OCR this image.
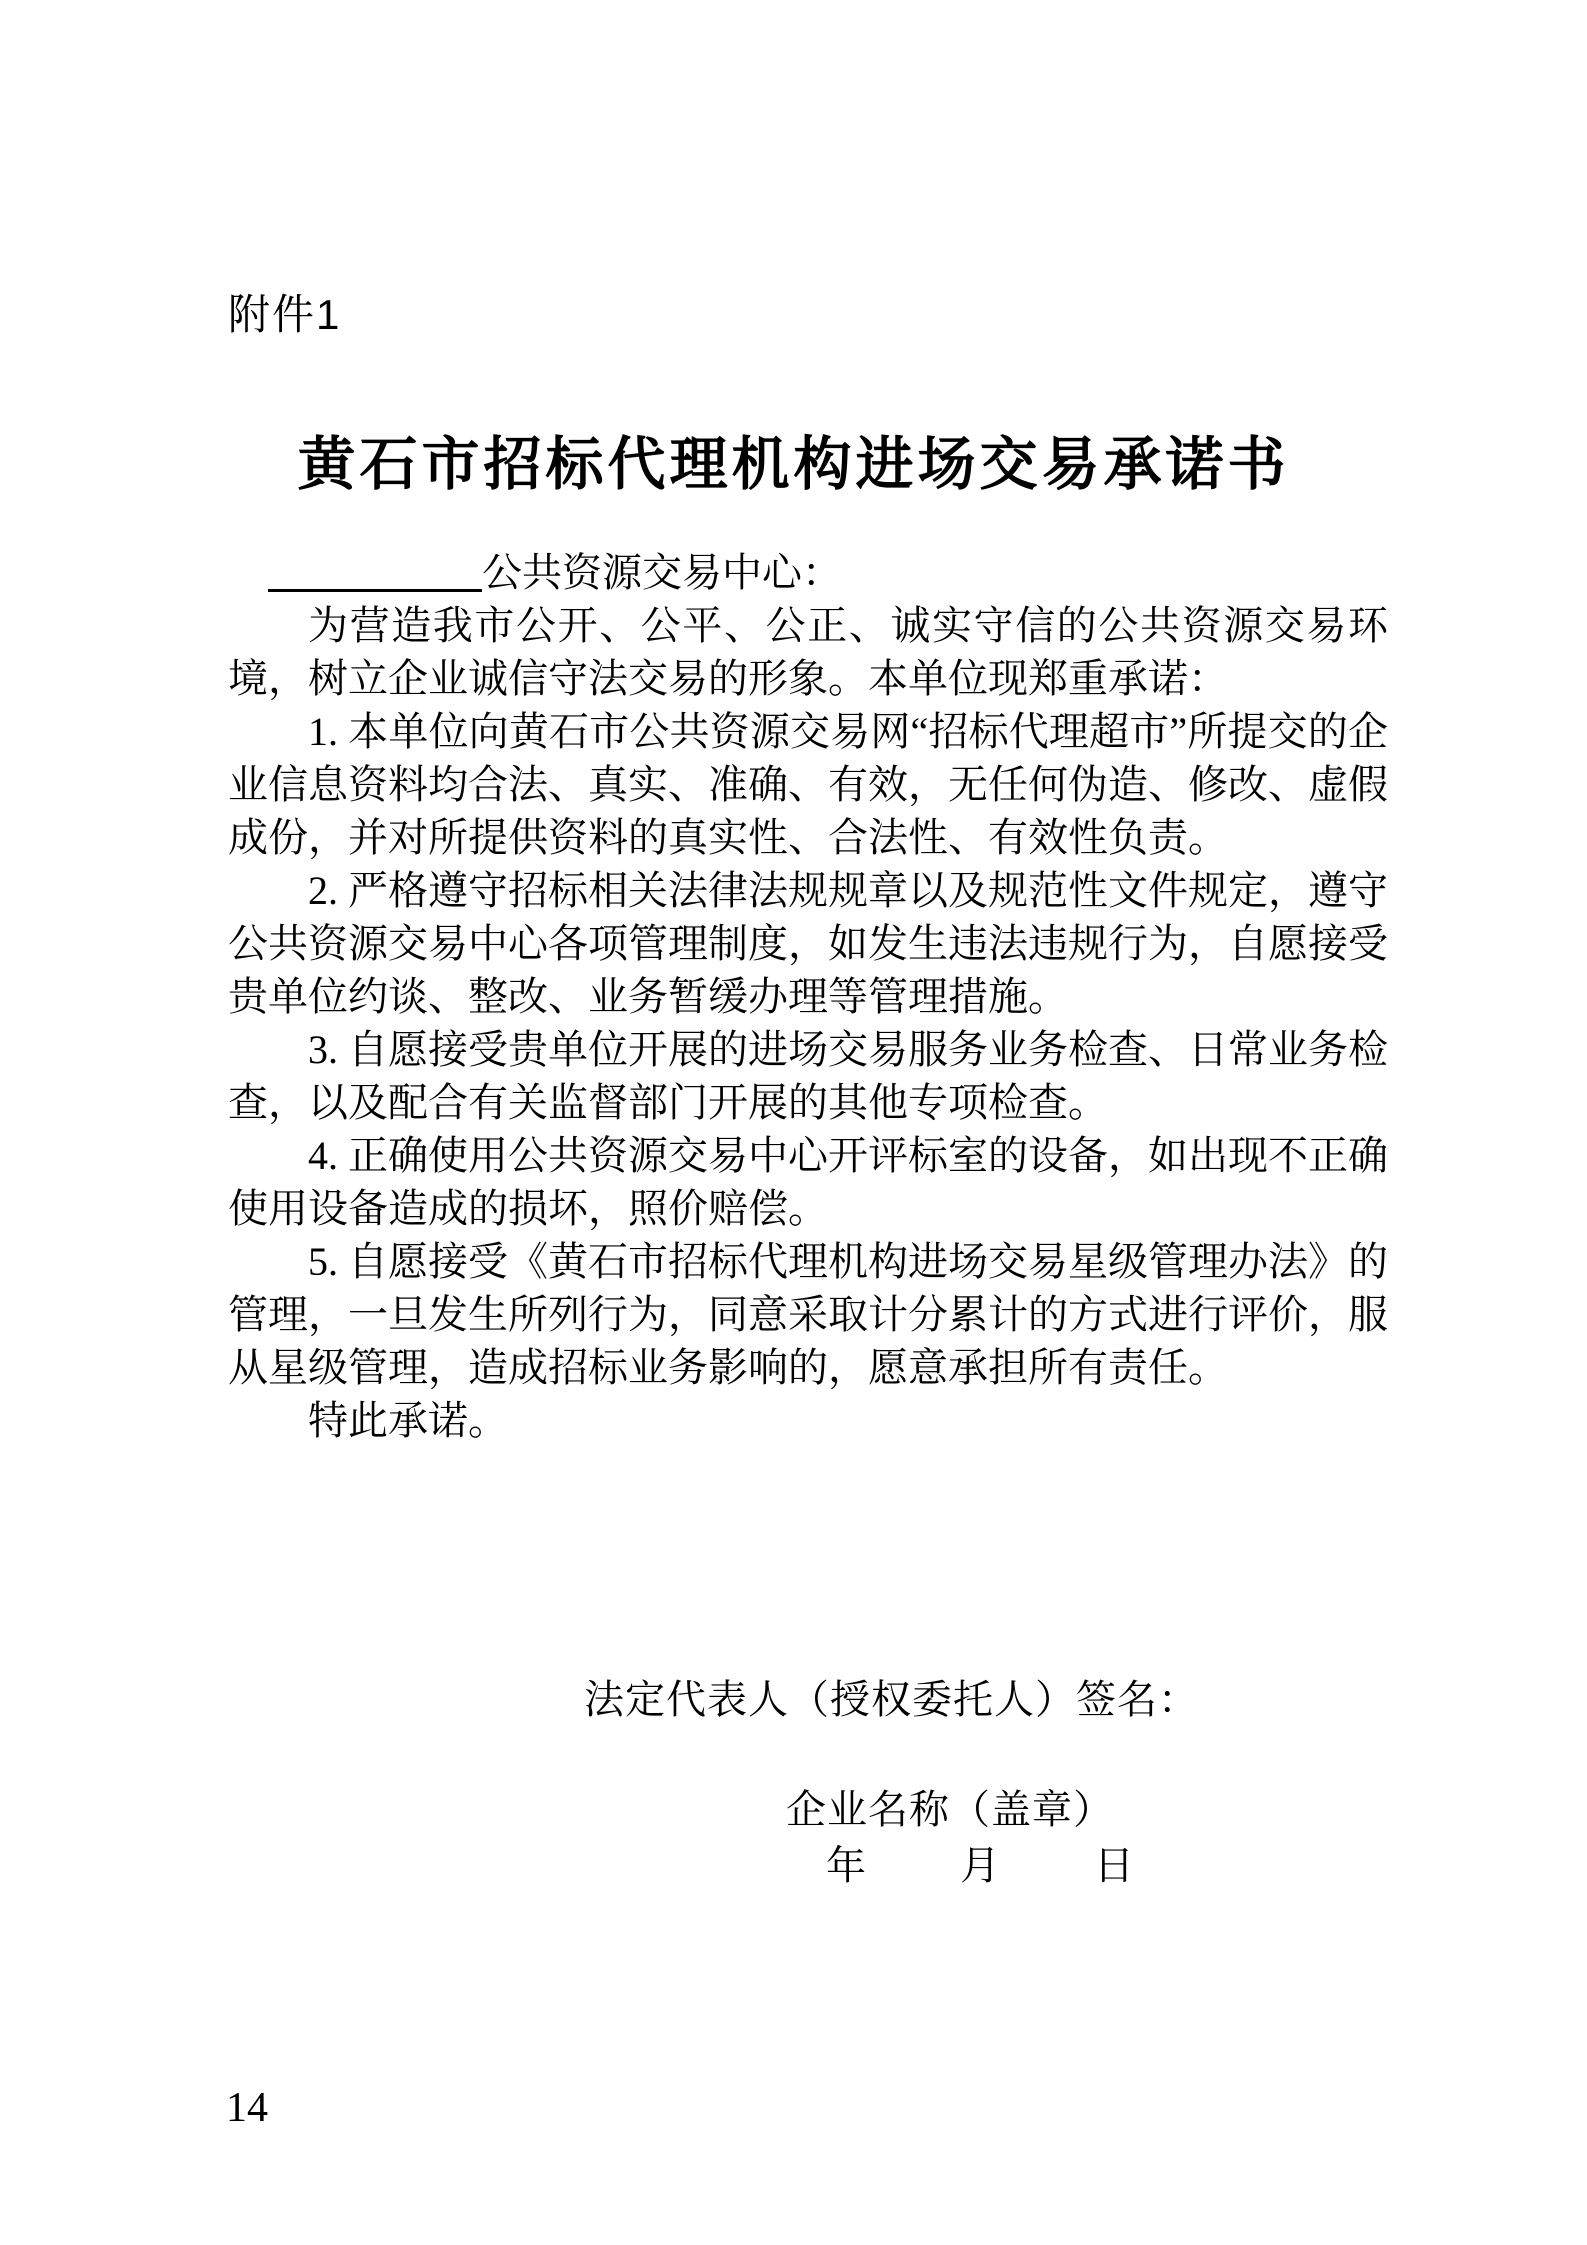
附件1
黄石市招标代理机构进场交易承诺书

公共资源交易中心：

为营造我市公开、公平、公正、诚实守信的公共资源交易环境，树立企业诚信守法交易的形象。本单位现郑重承诺：

1. 本单位向黄石市公共资源交易网“招标代理超市”所提交的企业信息资料均合法、真实、准确、有效，无任何伪造、修改、虚假成份，并对所提供资料的真实性、合法性、有效性负责。

2. 严格遵守招标相关法律法规规章以及规范性文件规定，遵守公共资源交易中心各项管理制度，如发生违法违规行为，自愿接受贵单位约谈、整改、业务暂缓办理等管理措施。

3. 自愿接受贵单位开展的进场交易服务业务检查、日常业务检查，以及配合有关监督部门开展的其他专项检查。

4. 正确使用公共资源交易中心开评标室的设备，如出现不正确使用设备造成的损坏，照价赔偿。

5. 自愿接受《黄石市招标代理机构进场交易星级管理办法》的管理，一旦发生所列行为，同意采取计分累计的方式进行评价，服从星级管理，造成招标业务影响的，愿意承担所有责任。

特此承诺。

法定代表人（授权委托人）签名：
企业名称（盖章）
年 月 日
14
